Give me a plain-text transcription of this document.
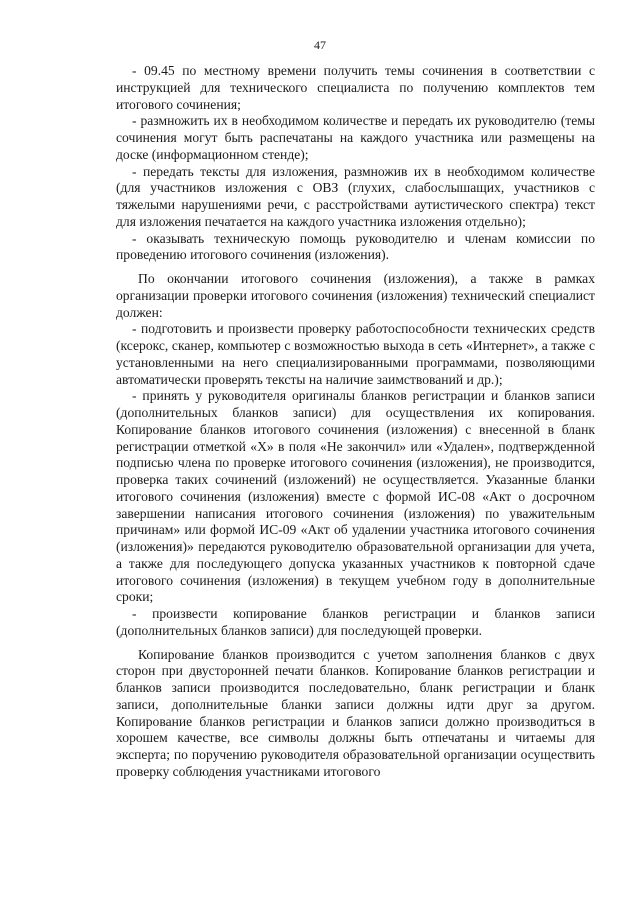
47

- 09.45 по местному времени получить темы сочинения в соответствии с инструкцией для технического специалиста по получению комплектов тем итогового сочинения;

- размножить их в необходимом количестве и передать их руководителю (темы сочинения могут быть распечатаны на каждого участника или размещены на доске (информационном стенде);

- передать тексты для изложения, размножив их в необходимом количестве (для участников изложения с ОВЗ (глухих, слабослышащих, участников с тяжелыми нарушениями речи, с расстройствами аутистического спектра) текст для изложения печатается на каждого участника изложения отдельно);

- оказывать техническую помощь руководителю и членам комиссии по проведению итогового сочинения (изложения).

По окончании итогового сочинения (изложения), а также в рамках организации проверки итогового сочинения (изложения) технический специалист должен:

- подготовить и произвести проверку работоспособности технических средств (ксерокс, сканер, компьютер с возможностью выхода в сеть «Интернет», а также с установленными на него специализированными программами, позволяющими автоматически проверять тексты на наличие заимствований и др.);

- принять у руководителя оригиналы бланков регистрации и бланков записи (дополнительных бланков записи) для осуществления их копирования. Копирование бланков итогового сочинения (изложения) с внесенной в бланк регистрации отметкой «Х» в поля «Не закончил» или «Удален», подтвержденной подписью члена по проверке итогового сочинения (изложения), не производится, проверка таких сочинений (изложений) не осуществляется. Указанные бланки итогового сочинения (изложения) вместе с формой ИС-08 «Акт о досрочном завершении написания итогового сочинения (изложения) по уважительным причинам» или формой ИС-09 «Акт об удалении участника итогового сочинения (изложения)» передаются руководителю образовательной организации для учета, а также для последующего допуска указанных участников к повторной сдаче итогового сочинения (изложения) в текущем учебном году в дополнительные сроки;

- произвести копирование бланков регистрации и бланков записи (дополнительных бланков записи) для последующей проверки.

Копирование бланков производится с учетом заполнения бланков с двух сторон при двусторонней печати бланков. Копирование бланков регистрации и бланков записи производится последовательно, бланк регистрации и бланк записи, дополнительные бланки записи должны идти друг за другом. Копирование бланков регистрации и бланков записи должно производиться в хорошем качестве, все символы должны быть отпечатаны и читаемы для эксперта; по поручению руководителя образовательной организации осуществить проверку соблюдения участниками итогового
